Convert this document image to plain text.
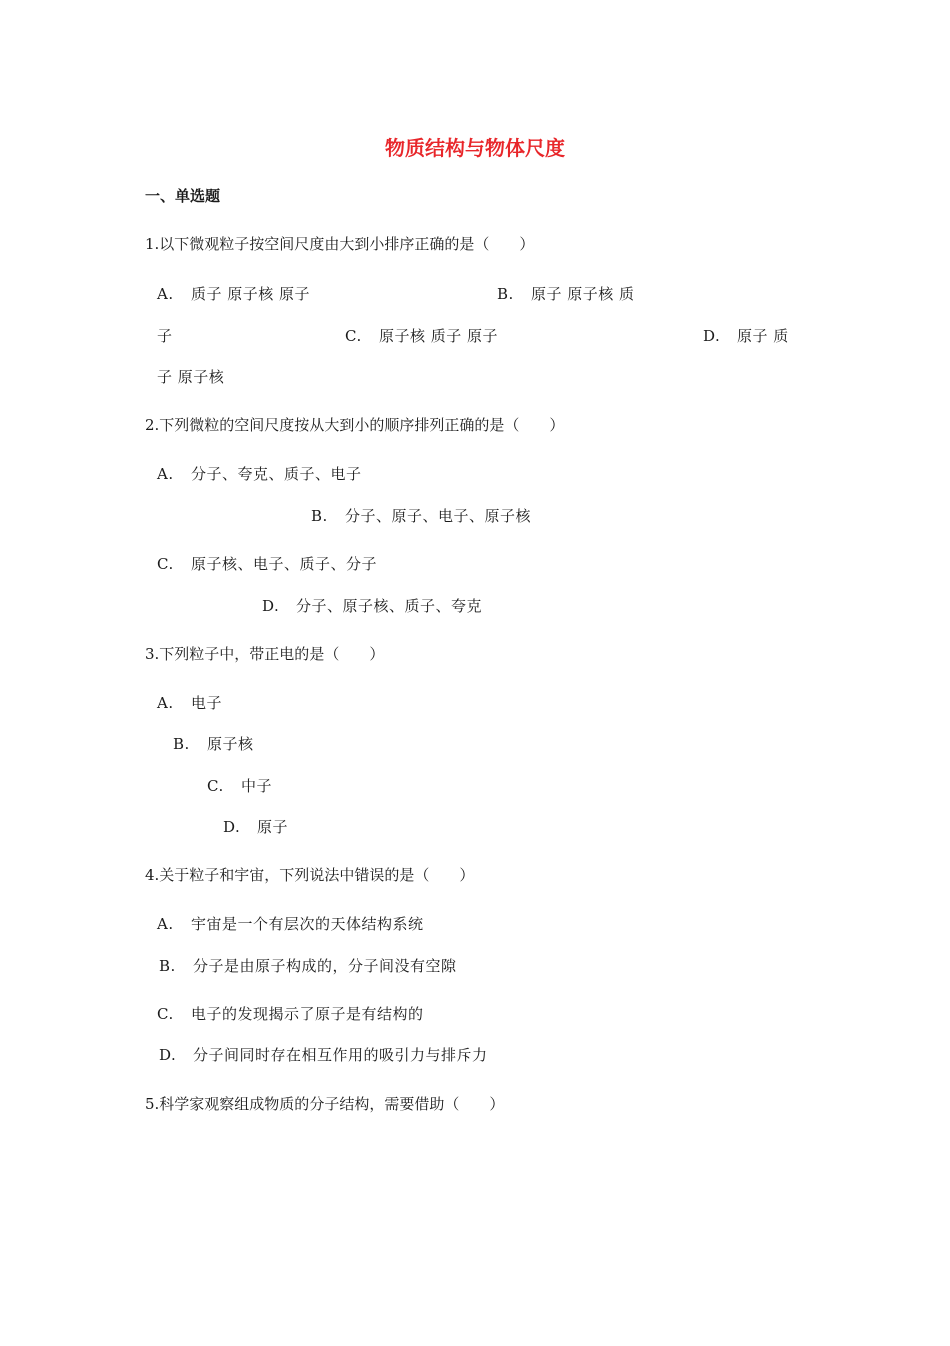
物质结构与物体尺度
一、单选题
1.以下微观粒子按空间尺度由大到小排序正确的是（　　）
A. 质子 原子核 原子	B. 原子 原子核 质
子	C. 原子核 质子 原子	D. 原子 质
子 原子核
2.下列微粒的空间尺度按从大到小的顺序排列正确的是（　　）
A. 分子、夸克、质子、电子
B. 分子、原子、电子、原子核
C. 原子核、电子、质子、分子
D. 分子、原子核、质子、夸克
3.下列粒子中，带正电的是（　　）
A. 电子
B. 原子核
C. 中子
D. 原子
4.关于粒子和宇宙，下列说法中错误的是（　　）
A. 宇宙是一个有层次的天体结构系统
B. 分子是由原子构成的，分子间没有空隙
C. 电子的发现揭示了原子是有结构的
D. 分子间同时存在相互作用的吸引力与排斥力
5.科学家观察组成物质的分子结构，需要借助（　　）
